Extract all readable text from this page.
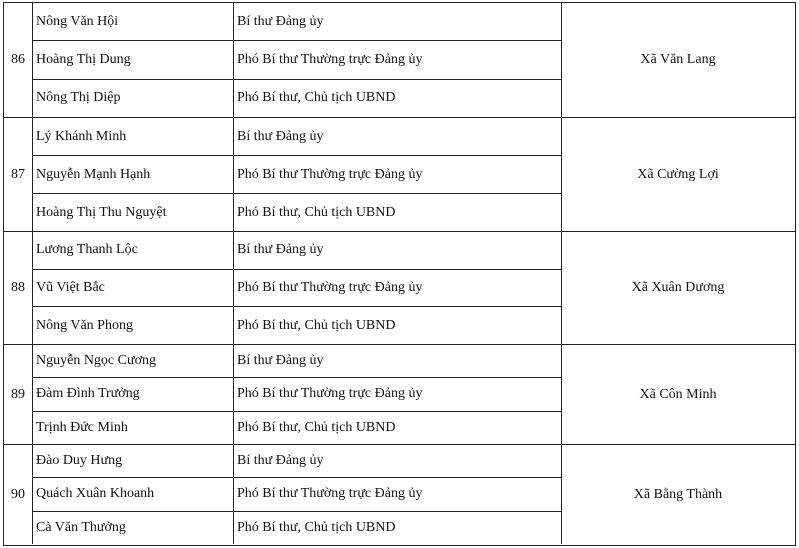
86
Nông Văn Hội
Hoàng Thị Dung
Nông Thị Diệp
Bí thư Đảng ủy
Phó Bí thư Thường trực Đảng ủy
Phó Bí thư, Chủ tịch UBND
Xã Văn Lang
87
Lý Khánh Minh
Nguyễn Mạnh Hạnh
Hoàng Thị Thu Nguyệt
Bí thư Đảng ủy
Phó Bí thư Thường trực Đảng ủy
Phó Bí thư, Chủ tịch UBND
Xã Cường Lợi
88
Lương Thanh Lộc
Vũ Việt Bắc
Nông Văn Phong
Bí thư Đảng ủy
Phó Bí thư Thường trực Đảng ủy
Phó Bí thư, Chủ tịch UBND
Xã Xuân Dương
89
Nguyễn Ngọc Cương
Đàm Đình Trưởng
Trịnh Đức Minh
Bí thư Đảng ủy
Phó Bí thư Thường trực Đảng ủy
Phó Bí thư, Chủ tịch UBND
Xã Côn Minh
90
Đào Duy Hưng
Quách Xuân Khoanh
Cà Văn Thưởng
Bí thư Đảng ủy
Phó Bí thư Thường trực Đảng ủy
Phó Bí thư, Chủ tịch UBND
Xã Bằng Thành
